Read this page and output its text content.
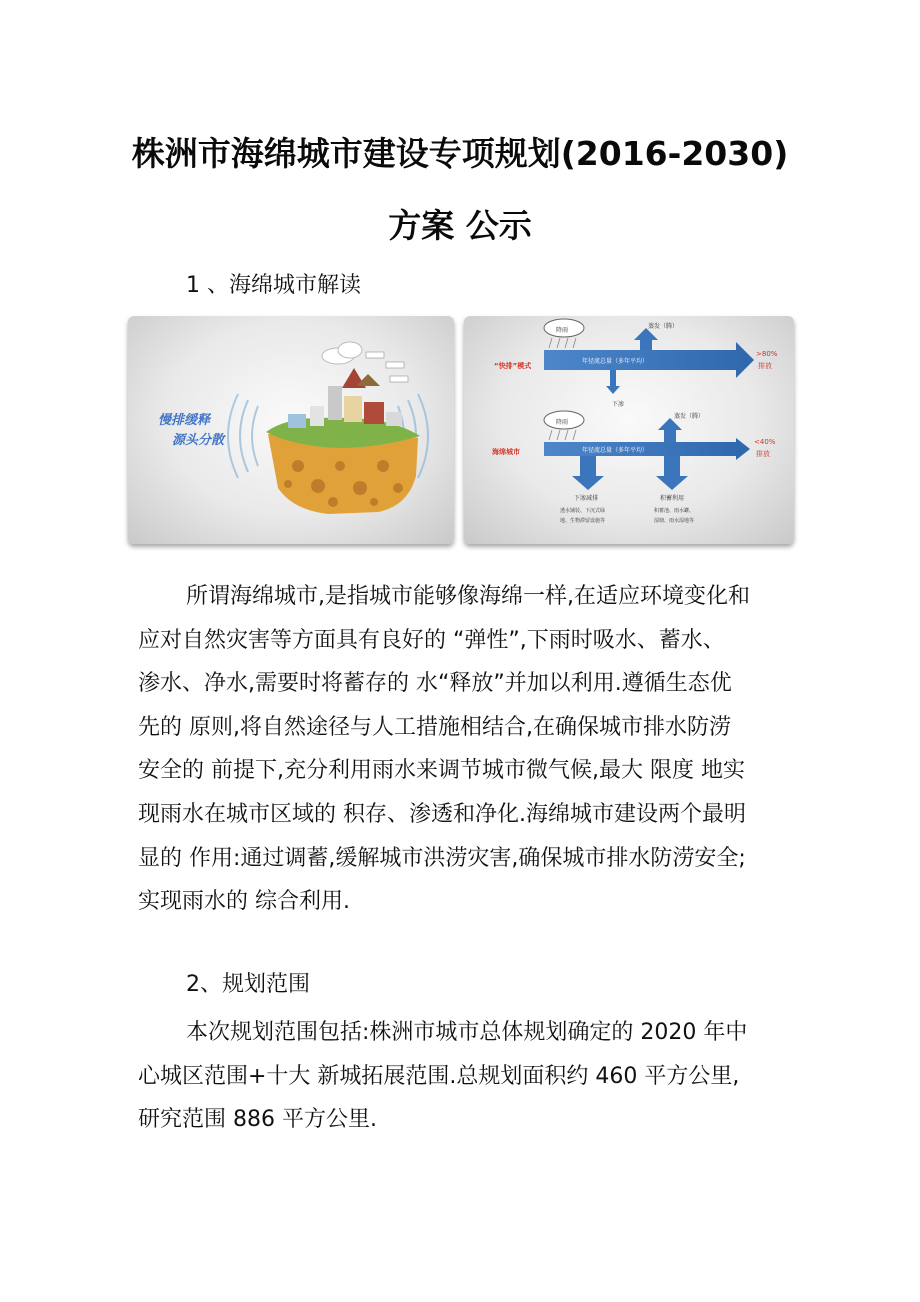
株洲市海绵城市建设专项规划(2016-2030)
方案 公示

1 、海绵城市解读

慢排缓释
源头分散
降雨
蒸发（腾）
年径流总量（多年平均）
>80%
排放
下渗
“快排”模式
降雨
蒸发（腾）
年径流总量（多年平均）
<40%
排放
海绵城市
下渗减排
透水铺装、下沉式绿
地、生物滞留设施等
积蓄利用
积蓄池、雨水罐、
湿塘、雨水湿地等
所谓海绵城市,是指城市能够像海绵一样,在适应环境变化和
应对自然灾害等方面具有良好的 “弹性”,下雨时吸水、蓄水、
渗水、净水,需要时将蓄存的 水“释放”并加以利用.遵循生态优
先的 原则,将自然途径与人工措施相结合,在确保城市排水防涝
安全的 前提下,充分利用雨水来调节城市微气候,最大 限度 地实
现雨水在城市区域的 积存、渗透和净化.海绵城市建设两个最明
显的 作用:通过调蓄,缓解城市洪涝灾害,确保城市排水防涝安全;
实现雨水的 综合利用.

2、规划范围

本次规划范围包括:株洲市城市总体规划确定的 2020 年中
心城区范围+十大 新城拓展范围.总规划面积约 460 平方公里,
研究范围 886 平方公里.
